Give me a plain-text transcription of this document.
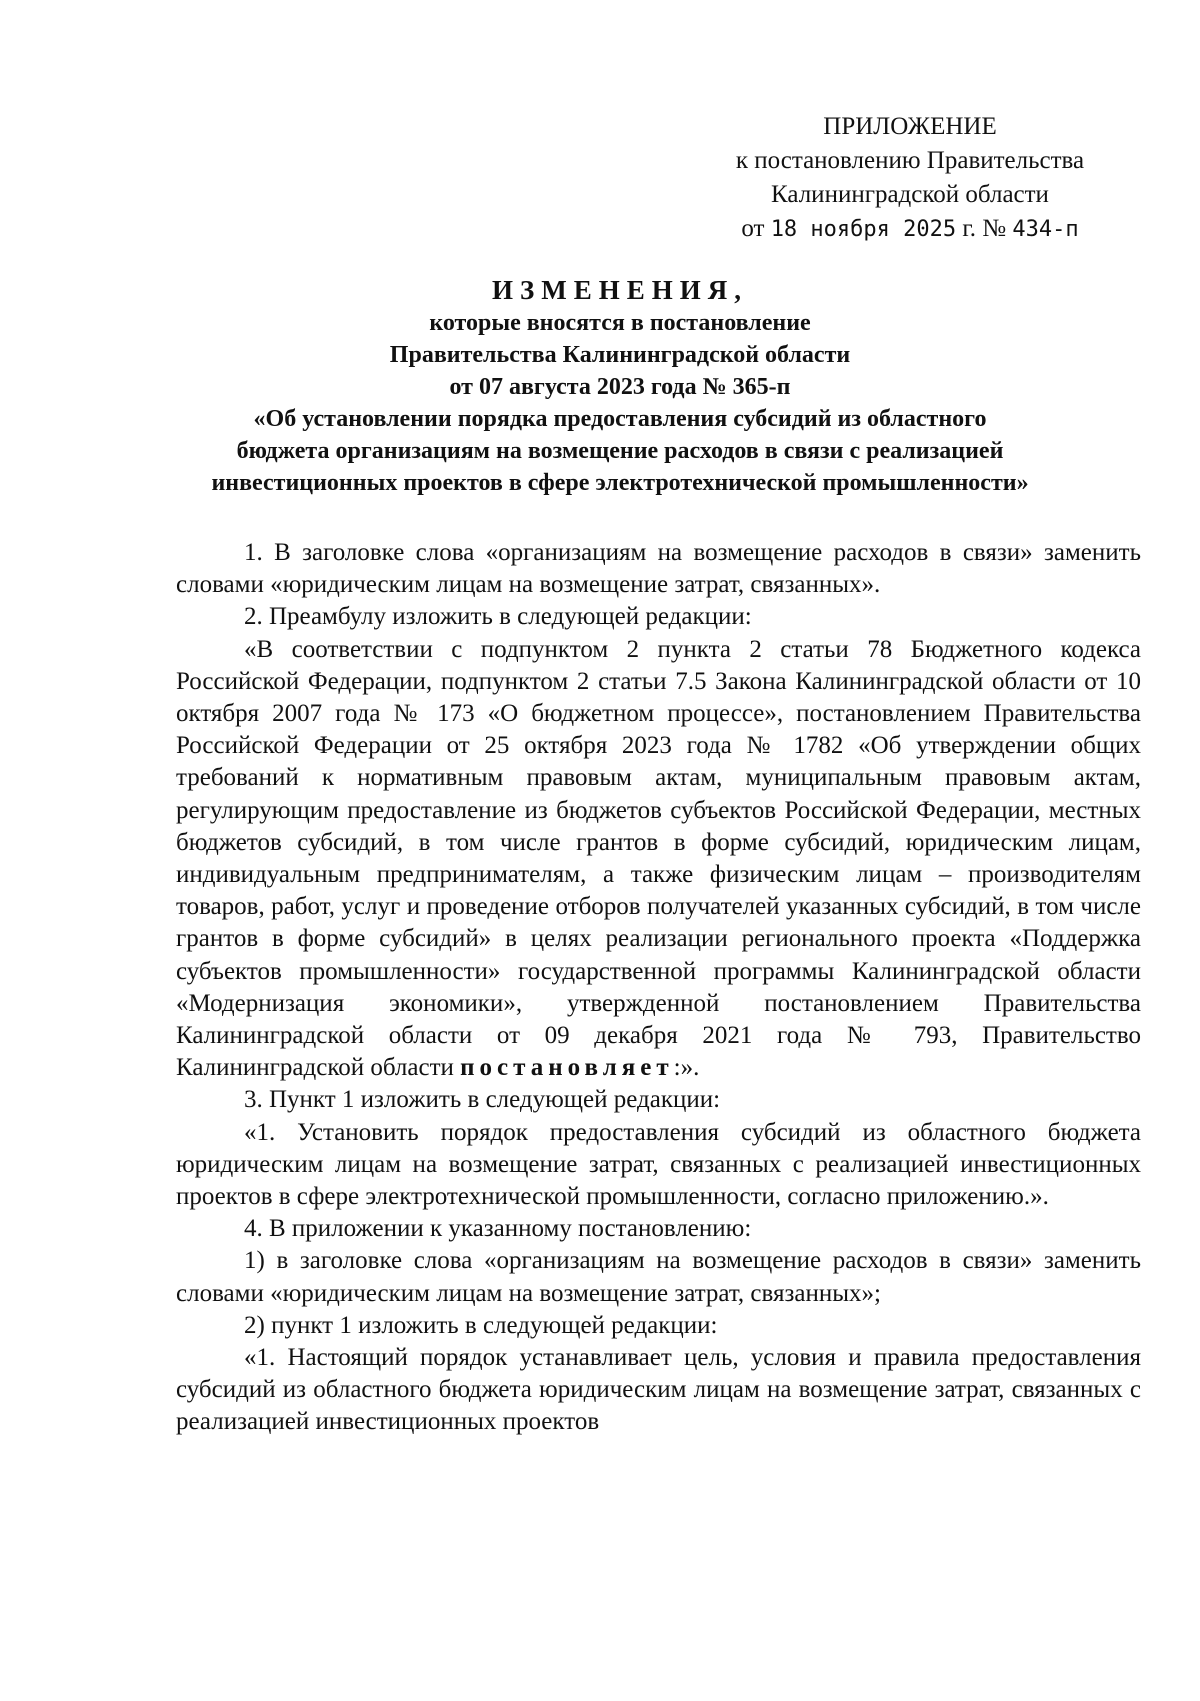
ПРИЛОЖЕНИЕ
к постановлению Правительства
Калининградской области
от 18 ноября 2025 г. № 434-п
ИЗМЕНЕНИЯ,
которые вносятся в постановление
Правительства Калининградской области
от 07 августа 2023 года № 365-п
«Об установлении порядка предоставления субсидий из областного
бюджета организациям на возмещение расходов в связи с реализацией
инвестиционных проектов в сфере электротехнической промышленности»

1. В заголовке слова «организациям на возмещение расходов в связи» заменить словами «юридическим лицам на возмещение затрат, связанных».

2. Преамбулу изложить в следующей редакции:

«В соответствии с подпунктом 2 пункта 2 статьи 78 Бюджетного кодекса Российской Федерации, подпунктом 2 статьи 7.5 Закона Калининградской области от 10 октября 2007 года № 173 «О бюджетном процессе», постановлением Правительства Российской Федерации от 25 октября 2023 года № 1782 «Об утверждении общих требований к нормативным правовым актам, муниципальным правовым актам, регулирующим предоставление из бюджетов субъектов Российской Федерации, местных бюджетов субсидий, в том числе грантов в форме субсидий, юридическим лицам, индивидуальным предпринимателям, а также физическим лицам – производителям товаров, работ, услуг и проведение отборов получателей указанных субсидий, в том числе грантов в форме субсидий» в целях реализации регионального проекта «Поддержка субъектов промышленности» государственной программы Калининградской области «Модернизация экономики», утвержденной постановлением Правительства Калининградской области от 09 декабря 2021 года № 793, Правительство Калининградской области постановляет:».

3. Пункт 1 изложить в следующей редакции:

«1. Установить порядок предоставления субсидий из областного бюджета юридическим лицам на возмещение затрат, связанных с реализацией инвестиционных проектов в сфере электротехнической промышленности, согласно приложению.».

4. В приложении к указанному постановлению:

1) в заголовке слова «организациям на возмещение расходов в связи» заменить словами «юридическим лицам на возмещение затрат, связанных»;

2) пункт 1 изложить в следующей редакции:

«1. Настоящий порядок устанавливает цель, условия и правила предоставления субсидий из областного бюджета юридическим лицам на возмещение затрат, связанных с реализацией инвестиционных проектов
